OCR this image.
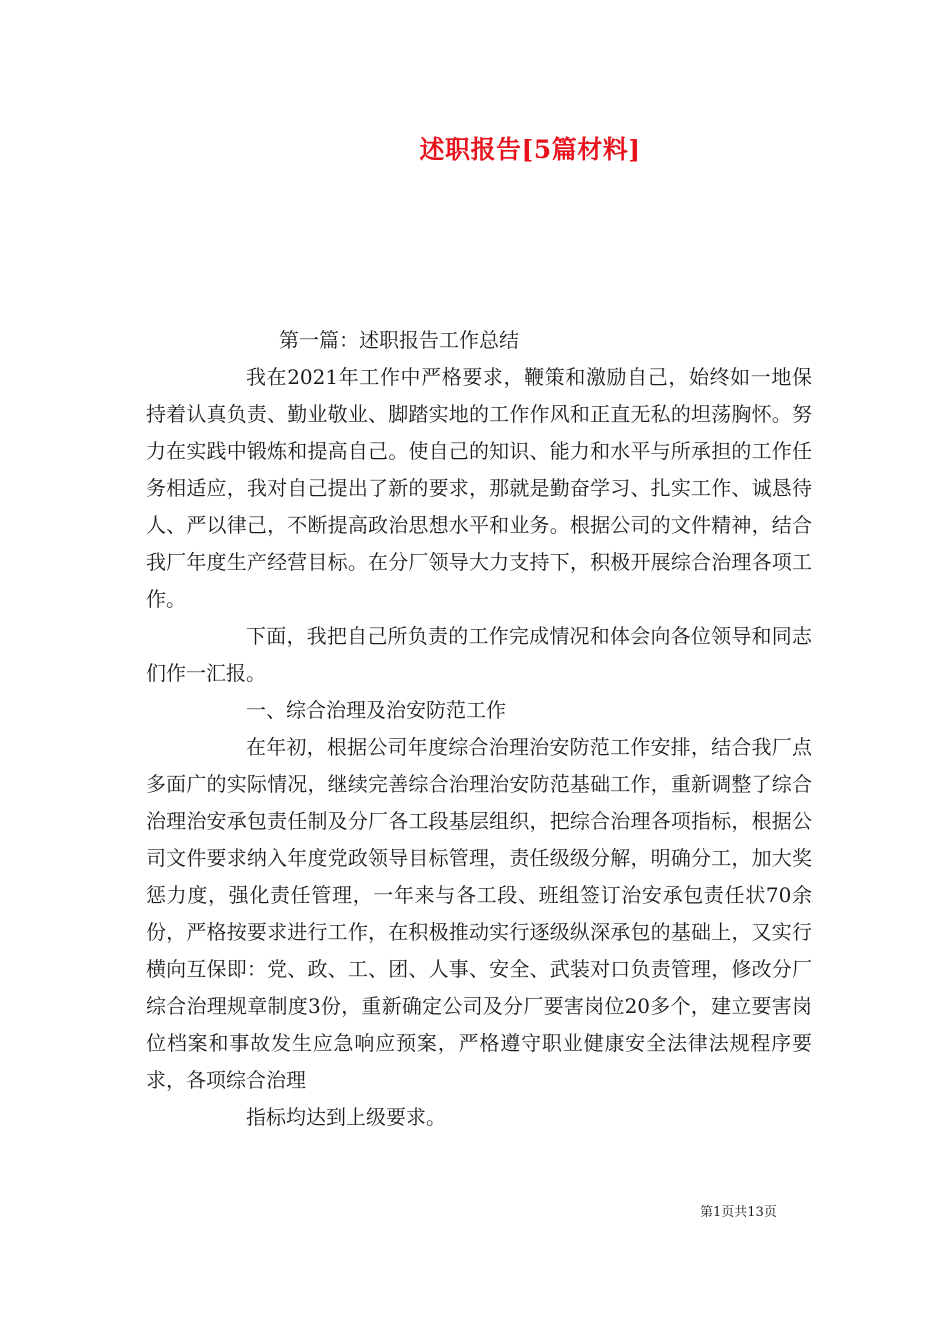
述职报告[5篇材料]

第一篇：述职报告工作总结

我在2021年工作中严格要求，鞭策和激励自己，始终如一地保持着认真负责、勤业敬业、脚踏实地的工作作风和正直无私的坦荡胸怀。努力在实践中锻炼和提高自己。使自己的知识、能力和水平与所承担的工作任务相适应，我对自己提出了新的要求，那就是勤奋学习、扎实工作、诚恳待人、严以律己，不断提高政治思想水平和业务。根据公司的文件精神，结合我厂年度生产经营目标。在分厂领导大力支持下，积极开展综合治理各项工作。

下面，我把自己所负责的工作完成情况和体会向各位领导和同志们作一汇报。

一、综合治理及治安防范工作

在年初，根据公司年度综合治理治安防范工作安排，结合我厂点多面广的实际情况，继续完善综合治理治安防范基础工作，重新调整了综合治理治安承包责任制及分厂各工段基层组织，把综合治理各项指标，根据公司文件要求纳入年度党政领导目标管理，责任级级分解，明确分工，加大奖惩力度，强化责任管理，一年来与各工段、班组签订治安承包责任状70余份，严格按要求进行工作，在积极推动实行逐级纵深承包的基础上，又实行横向互保即：党、政、工、团、人事、安全、武装对口负责管理，修改分厂综合治理规章制度3份，重新确定公司及分厂要害岗位20多个，建立要害岗位档案和事故发生应急响应预案，严格遵守职业健康安全法律法规程序要求，各项综合治理

指标均达到上级要求。

第1页共13页
